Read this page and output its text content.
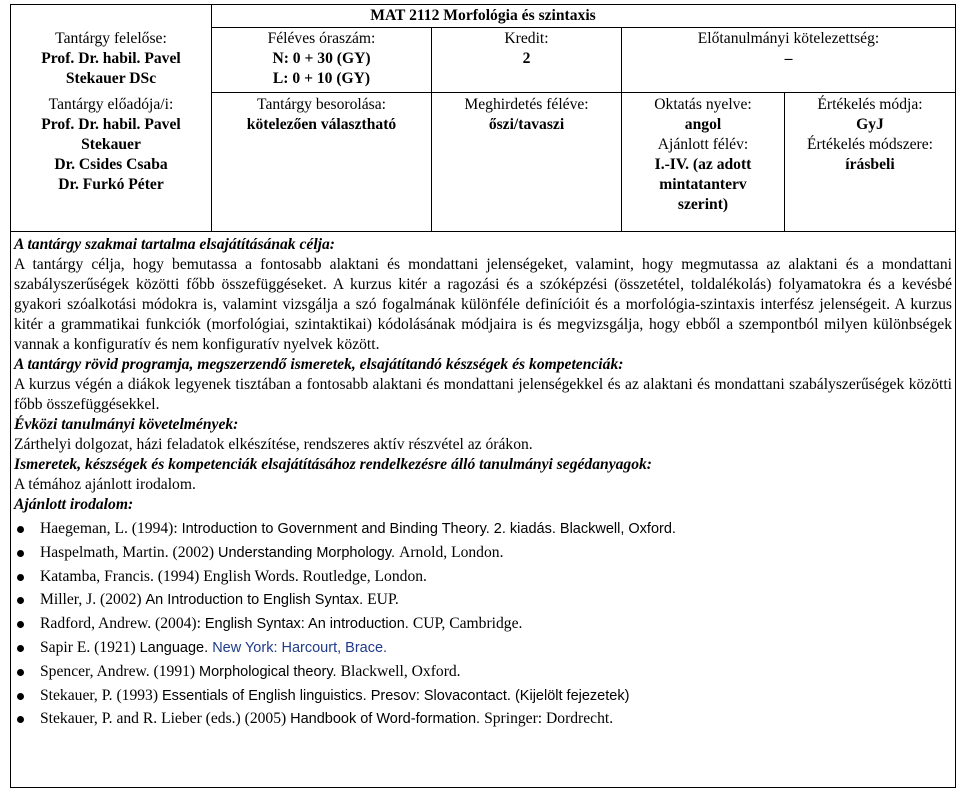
MAT 2112 Morfológia és szintaxis
Tantárgy felelőse:
Prof. Dr. habil. Pavel
Stekauer DSc
Tantárgy előadója/i:
Prof. Dr. habil. Pavel
Stekauer
Dr. Csides Csaba
Dr. Furkó Péter
Féléves óraszám:
N: 0 + 30 (GY)
L: 0 + 10 (GY)
Tantárgy besorolása:
kötelezően választható
Kredit:
2
Meghirdetés féléve:
őszi/tavaszi
Előtanulmányi kötelezettség:
–
Oktatás nyelve:
angol
Ajánlott félév:
I.-IV. (az adott
mintatanterv
szerint)
Értékelés módja:
GyJ
Értékelés módszere:
írásbeli
A tantárgy szakmai tartalma elsajátításának célja:
A tantárgy célja, hogy bemutassa a fontosabb alaktani és mondattani jelenségeket, valamint, hogy megmutassa az alaktani és a mondattani szabályszerűségek közötti főbb összefüggéseket. A kurzus kitér a ragozási és a szóképzési (összetétel, toldalékolás) folyamatokra és a kevésbé gyakori szóalkotási módokra is, valamint vizsgálja a szó fogalmának különféle definícióit és a morfológia-szintaxis interfész jelenségeit. A kurzus kitér a grammatikai funkciók (morfológiai, szintaktikai) kódolásának módjaira is és megvizsgálja, hogy ebből a szempontból milyen különbségek vannak a konfiguratív és nem konfiguratív nyelvek között.
A tantárgy rövid programja, megszerzendő ismeretek, elsajátítandó készségek és kompetenciák:
A kurzus végén a diákok legyenek tisztában a fontosabb alaktani és mondattani jelenségekkel és az alaktani és mondattani szabályszerűségek közötti főbb összefüggésekkel.
Évközi tanulmányi követelmények:
Zárthelyi dolgozat, házi feladatok elkészítése, rendszeres aktív részvétel az órákon.
Ismeretek, készségek és kompetenciák elsajátításához rendelkezésre álló tanulmányi segédanyagok:
A témához ajánlott irodalom.
Ajánlott irodalom:
Haegeman, L. (1994): Introduction to Government and Binding Theory. 2. kiadás. Blackwell, Oxford.
Haspelmath, Martin. (2002) Understanding Morphology. Arnold, London.
Katamba, Francis. (1994) English Words. Routledge, London.
Miller, J. (2002) An Introduction to English Syntax. EUP.
Radford, Andrew. (2004): English Syntax: An introduction. CUP, Cambridge.
Sapir E. (1921) Language. New York: Harcourt, Brace.
Spencer, Andrew. (1991) Morphological theory. Blackwell, Oxford.
Stekauer, P. (1993) Essentials of English linguistics. Presov: Slovacontact. (Kijelölt fejezetek)
Stekauer, P. and R. Lieber (eds.) (2005) Handbook of Word-formation. Springer: Dordrecht.
